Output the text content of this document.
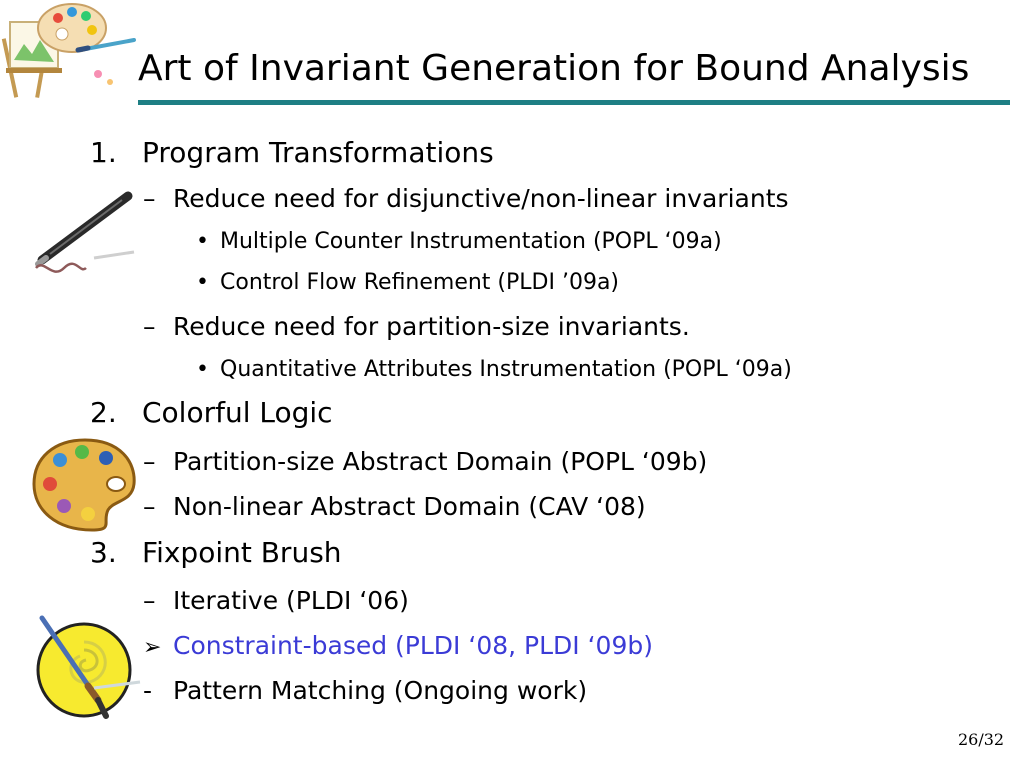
Art of Invariant Generation for Bound Analysis
1. Program Transformations
– Reduce need for disjunctive/non-linear invariants
• Multiple Counter Instrumentation (POPL ‘09a)
• Control Flow Refinement (PLDI ’09a)
– Reduce need for partition-size invariants.
• Quantitative Attributes Instrumentation (POPL ‘09a)
2. Colorful Logic
– Partition-size Abstract Domain (POPL ‘09b)
– Non-linear Abstract Domain (CAV ‘08)
3. Fixpoint Brush
– Iterative (PLDI ‘06)
➢ Constraint-based (PLDI ‘08, PLDI ‘09b)
- Pattern Matching (Ongoing work)
26/32
